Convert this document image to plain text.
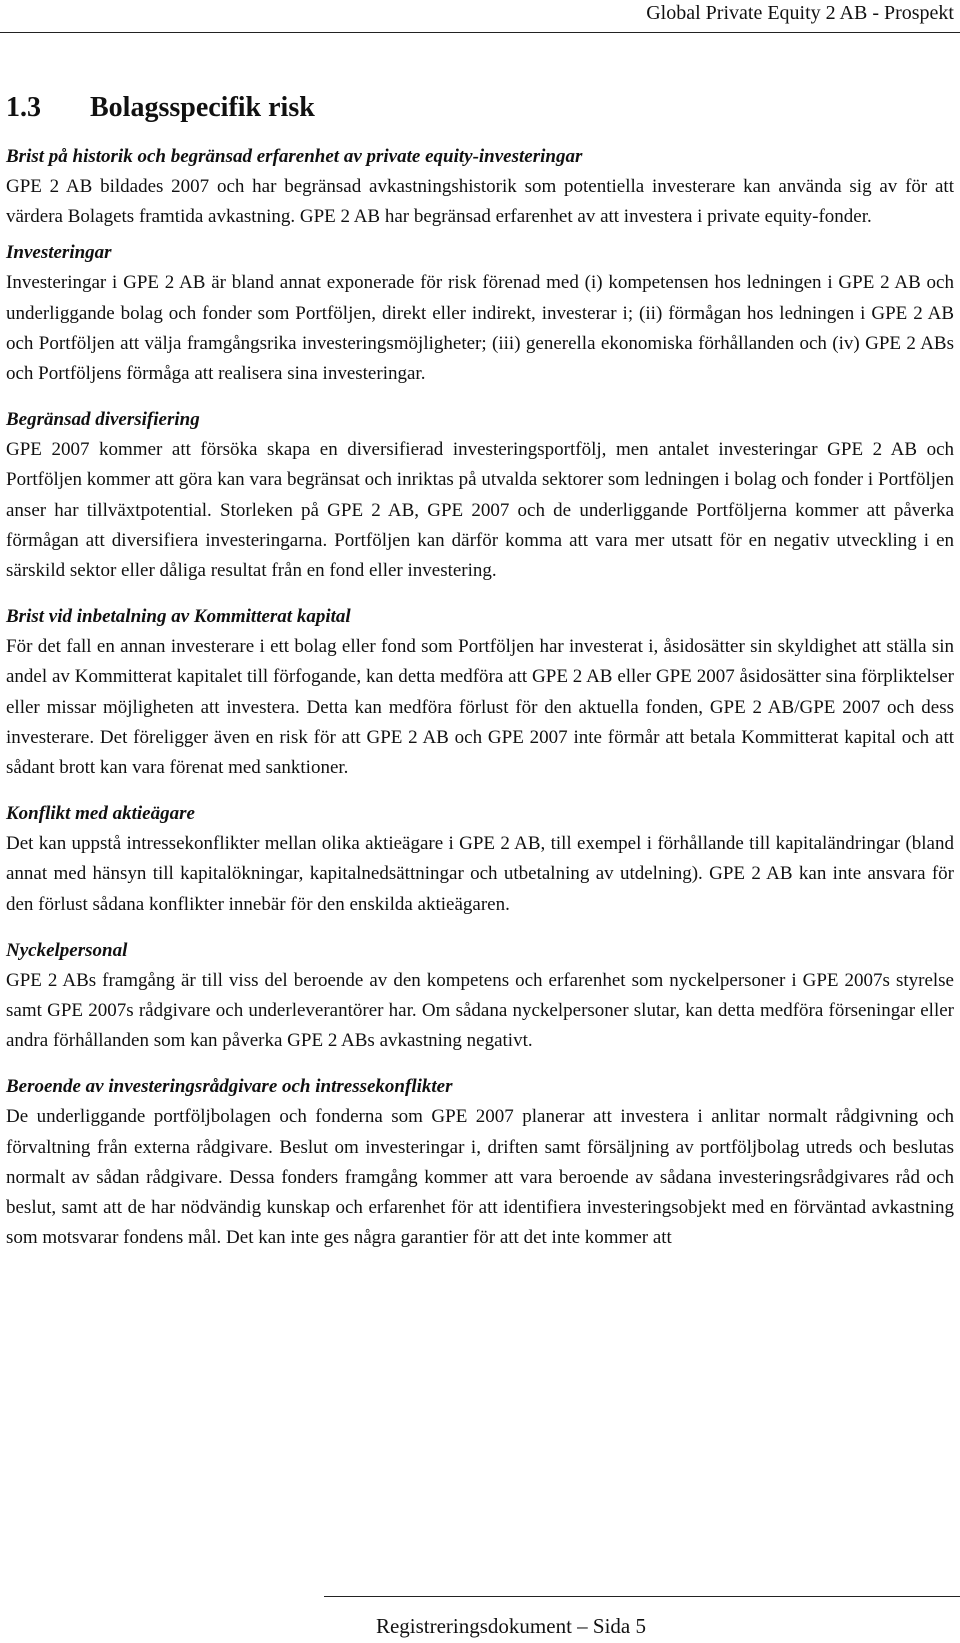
Global Private Equity 2 AB - Prospekt
1.3 Bolagsspecifik risk
Brist på historik och begränsad erfarenhet av private equity-investeringar

GPE 2 AB bildades 2007 och har begränsad avkastningshistorik som potentiella investerare kan använda sig av för att värdera Bolagets framtida avkastning. GPE 2 AB har begränsad erfarenhet av att investera i private equity-fonder.

Investeringar

Investeringar i GPE 2 AB är bland annat exponerade för risk förenad med (i) kompetensen hos ledningen i GPE 2 AB och underliggande bolag och fonder som Portföljen, direkt eller indirekt, investerar i; (ii) förmågan hos ledningen i GPE 2 AB och Portföljen att välja framgångsrika investeringsmöjligheter; (iii) generella ekonomiska förhållanden och (iv) GPE 2 ABs och Portföljens förmåga att realisera sina investeringar.

Begränsad diversifiering

GPE 2007 kommer att försöka skapa en diversifierad investeringsportfölj, men antalet investeringar GPE 2 AB och Portföljen kommer att göra kan vara begränsat och inriktas på utvalda sektorer som ledningen i bolag och fonder i Portföljen anser har tillväxtpotential. Storleken på GPE 2 AB, GPE 2007 och de underliggande Portföljerna kommer att påverka förmågan att diversifiera investeringarna. Portföljen kan därför komma att vara mer utsatt för en negativ utveckling i en särskild sektor eller dåliga resultat från en fond eller investering.

Brist vid inbetalning av Kommitterat kapital

För det fall en annan investerare i ett bolag eller fond som Portföljen har investerat i, åsidosätter sin skyldighet att ställa sin andel av Kommitterat kapitalet till förfogande, kan detta medföra att GPE 2 AB eller GPE 2007 åsidosätter sina förpliktelser eller missar möjligheten att investera. Detta kan medföra förlust för den aktuella fonden, GPE 2 AB/GPE 2007 och dess investerare. Det föreligger även en risk för att GPE 2 AB och GPE 2007 inte förmår att betala Kommitterat kapital och att sådant brott kan vara förenat med sanktioner.

Konflikt med aktieägare

Det kan uppstå intressekonflikter mellan olika aktieägare i GPE 2 AB, till exempel i förhållande till kapitaländringar (bland annat med hänsyn till kapitalökningar, kapitalnedsättningar och utbetalning av utdelning). GPE 2 AB kan inte ansvara för den förlust sådana konflikter innebär för den enskilda aktieägaren.

Nyckelpersonal

GPE 2 ABs framgång är till viss del beroende av den kompetens och erfarenhet som nyckelpersoner i GPE 2007s styrelse samt GPE 2007s rådgivare och underleverantörer har. Om sådana nyckelpersoner slutar, kan detta medföra förseningar eller andra förhållanden som kan påverka GPE 2 ABs avkastning negativt.

Beroende av investeringsrådgivare och intressekonflikter

De underliggande portföljbolagen och fonderna som GPE 2007 planerar att investera i anlitar normalt rådgivning och förvaltning från externa rådgivare. Beslut om investeringar i, driften samt försäljning av portföljbolag utreds och beslutas normalt av sådan rådgivare. Dessa fonders framgång kommer att vara beroende av sådana investeringsrådgivares råd och beslut, samt att de har nödvändig kunskap och erfarenhet för att identifiera investeringsobjekt med en förväntad avkastning som motsvarar fondens mål. Det kan inte ges några garantier för att det inte kommer att

Registreringsdokument – Sida 5
